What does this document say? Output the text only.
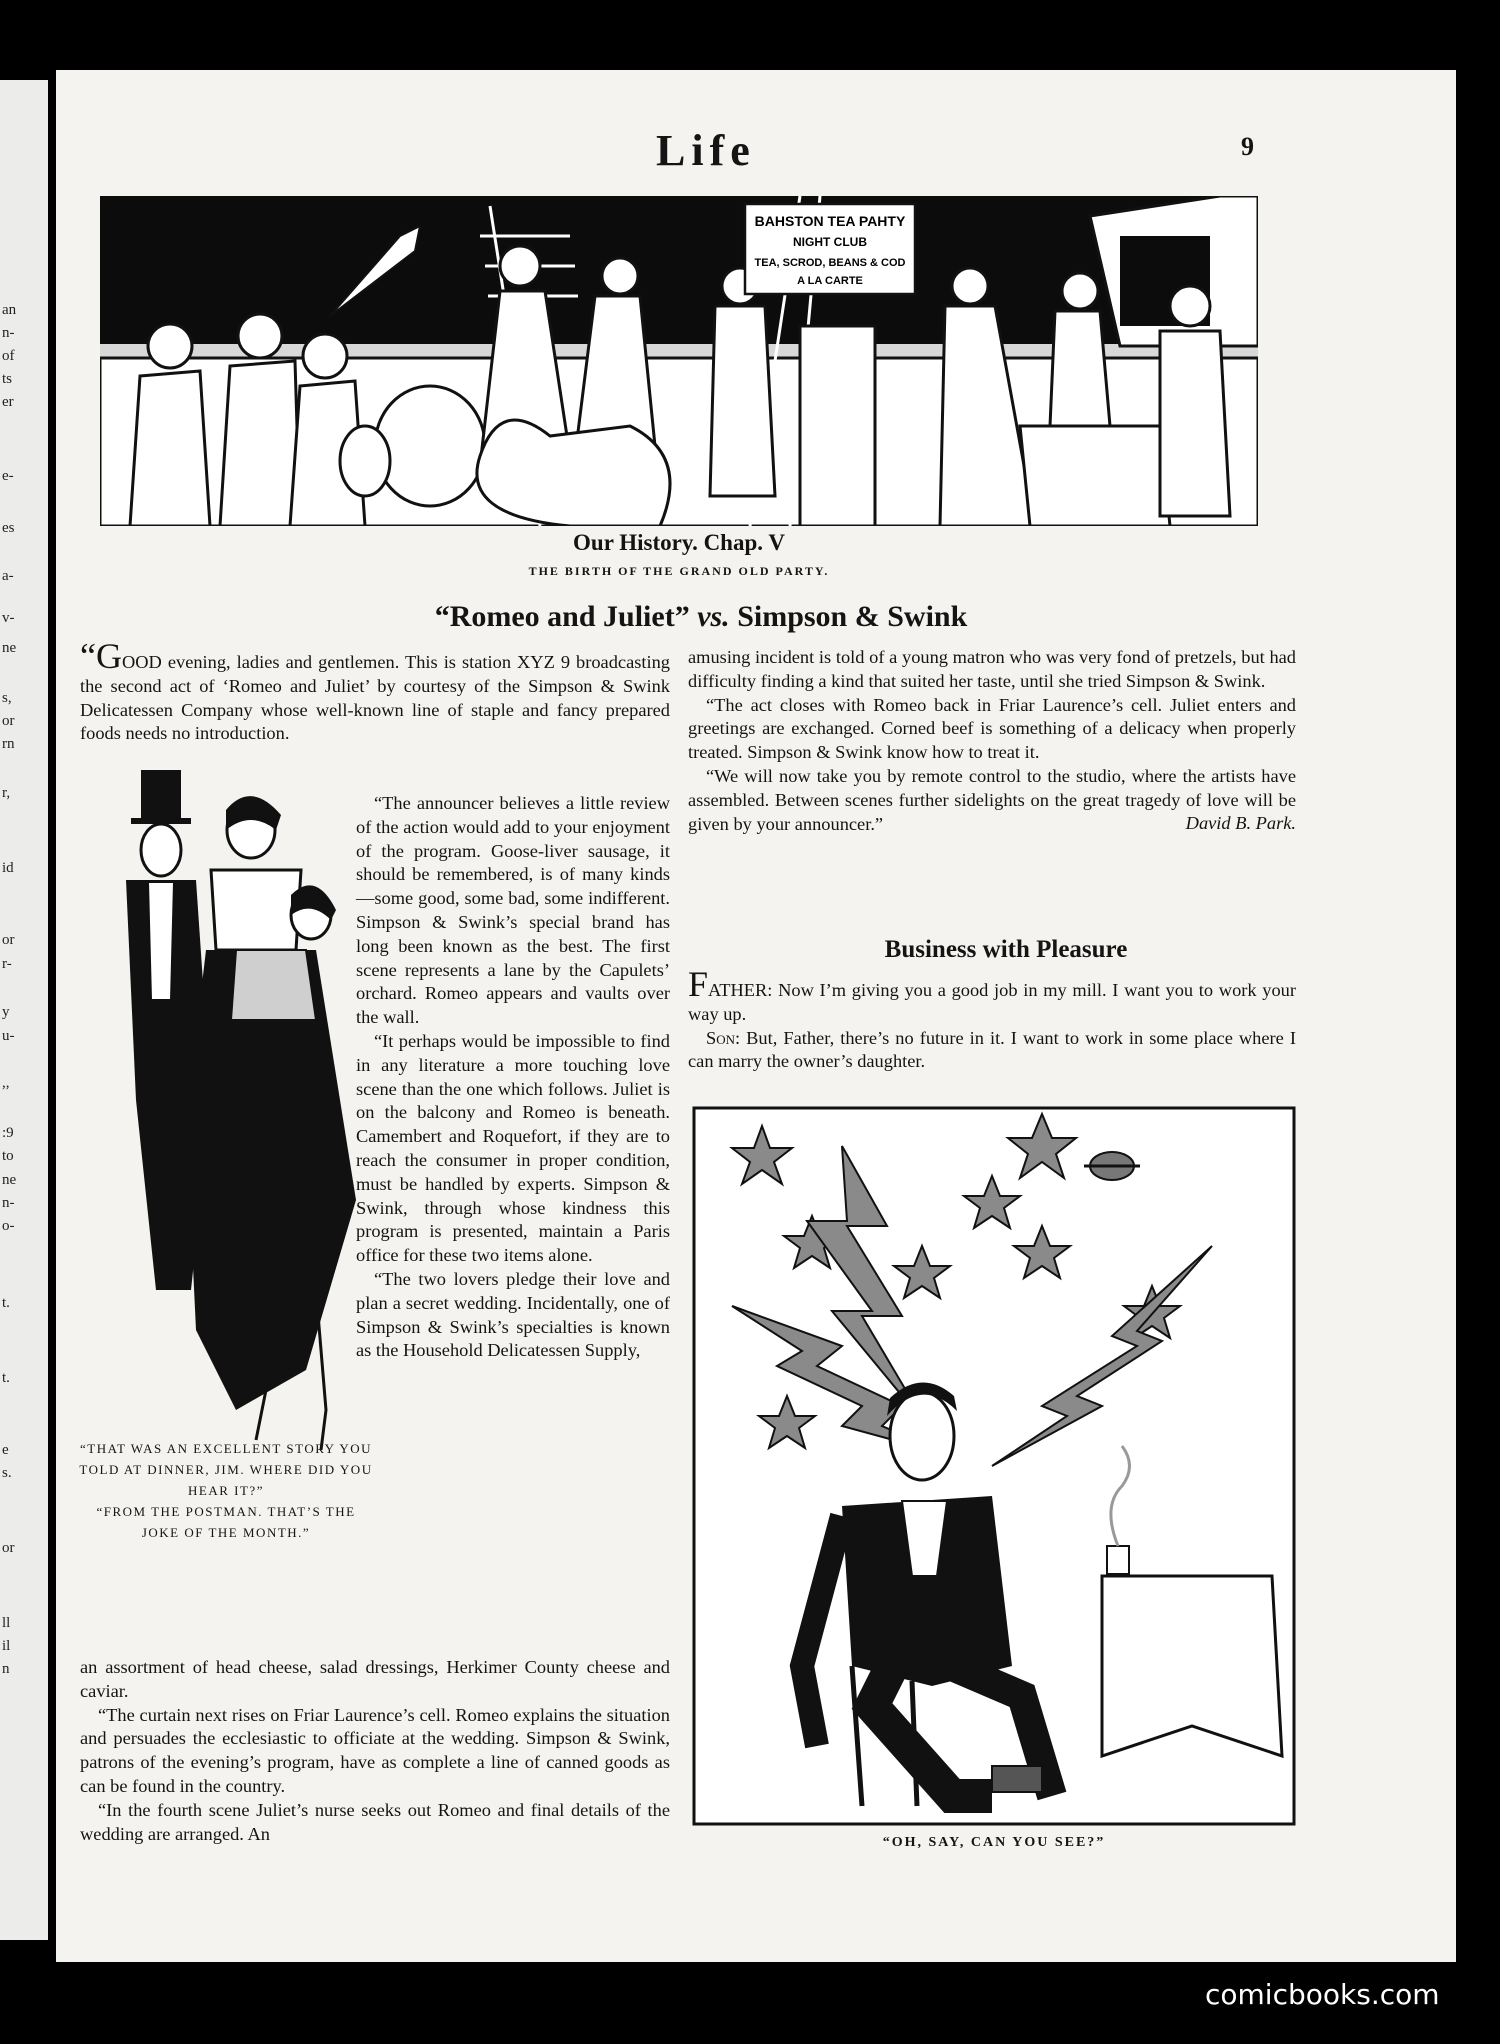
an
n-
of
ts
er
e-
es
a-
v-
ne
s,
or
rn
r,
id
or
r-
y
u-
,,
:9
to
ne
n-
o-
t.
t.
e
s.
or
ll
il
n
Life	9
BAHSTON TEA PAHTY
NIGHT CLUB
TEA, SCROD, BEANS & COD
A LA CARTE
Our History. Chap. V
THE BIRTH OF THE GRAND OLD PARTY.
“Romeo and Juliet” vs. Simpson & Swink

“GOOD evening, ladies and gentlemen. This is station XYZ 9 broadcasting the second act of ‘Romeo and Juliet’ by courtesy of the Simpson & Swink Delicatessen Company whose well-known line of staple and fancy prepared foods needs no introduction.

“The announcer believes a little review of the action would add to your enjoyment of the program. Goose-liver sausage, it should be remembered, is of many kinds—some good, some bad, some indifferent. Simpson & Swink’s special brand has long been known as the best. The first scene represents a lane by the Capulets’ orchard. Romeo appears and vaults over the wall.

“It perhaps would be impossible to find in any literature a more touching love scene than the one which follows. Juliet is on the balcony and Romeo is beneath. Camembert and Roquefort, if they are to reach the consumer in proper condition, must be handled by experts. Simpson & Swink, through whose kindness this program is presented, maintain a Paris office for these two items alone.

“The two lovers pledge their love and plan a secret wedding. Incidentally, one of Simpson & Swink’s specialties is known as the Household Delicatessen Supply,

an assortment of head cheese, salad dressings, Herkimer County cheese and caviar.

“The curtain next rises on Friar Laurence’s cell. Romeo explains the situation and persuades the ecclesiastic to officiate at the wedding. Simpson & Swink, patrons of the evening’s program, have as complete a line of canned goods as can be found in the country.

“In the fourth scene Juliet’s nurse seeks out Romeo and final details of the wedding are arranged. An

amusing incident is told of a young matron who was very fond of pretzels, but had difficulty finding a kind that suited her taste, until she tried Simpson & Swink.

“The act closes with Romeo back in Friar Laurence’s cell. Juliet enters and greetings are exchanged. Corned beef is something of a delicacy when properly treated. Simpson & Swink know how to treat it.

“We will now take you by remote control to the studio, where the artists have assembled. Between scenes further sidelights on the great tragedy of love will be given by your announcer.”	David B. Park.
“THAT WAS AN EXCELLENT STORY YOU TOLD AT DINNER, JIM. WHERE DID YOU HEAR IT?”
“FROM THE POSTMAN. THAT’S THE JOKE OF THE MONTH.”
Business with Pleasure

FATHER: Now I’m giving you a good job in my mill. I want you to work your way up.

Son: But, Father, there’s no future in it. I want to work in some place where I can marry the owner’s daughter.

“OH, SAY, CAN YOU SEE?”
comicbooks.com
